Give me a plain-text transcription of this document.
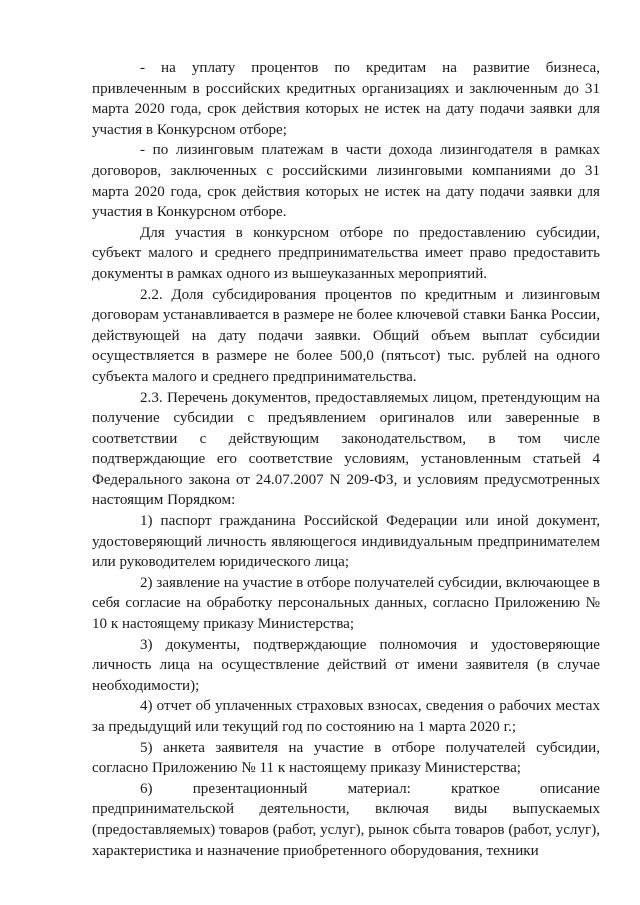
- на уплату процентов по кредитам на развитие бизнеса, привлеченным в российских кредитных организациях и заключенным до 31 марта 2020 года, срок действия которых не истек на дату подачи заявки для участия в Конкурсном отборе;

- по лизинговым платежам в части дохода лизингодателя в рамках договоров, заключенных с российскими лизинговыми компаниями до 31 марта 2020 года, срок действия которых не истек на дату подачи заявки для участия в Конкурсном отборе.

Для участия в конкурсном отборе по предоставлению субсидии, субъект малого и среднего предпринимательства имеет право предоставить документы в рамках одного из вышеуказанных мероприятий.

2.2. Доля субсидирования процентов по кредитным и лизинговым договорам устанавливается в размере не более ключевой ставки Банка России, действующей на дату подачи заявки. Общий объем выплат субсидии осуществляется в размере не более 500,0 (пятьсот) тыс. рублей на одного субъекта малого и среднего предпринимательства.

2.3. Перечень документов, предоставляемых лицом, претендующим на получение субсидии с предъявлением оригиналов или заверенные в соответствии с действующим законодательством, в том числе подтверждающие его соответствие условиям, установленным статьей 4 Федерального закона от 24.07.2007 N 209-ФЗ, и условиям предусмотренных настоящим Порядком:

1) паспорт гражданина Российской Федерации или иной документ, удостоверяющий личность являющегося индивидуальным предпринимателем или руководителем юридического лица;

2) заявление на участие в отборе получателей субсидии, включающее в себя согласие на обработку персональных данных, согласно Приложению № 10 к настоящему приказу Министерства;

3) документы, подтверждающие полномочия и удостоверяющие личность лица на осуществление действий от имени заявителя (в случае необходимости);

4) отчет об уплаченных страховых взносах, сведения о рабочих местах за предыдущий или текущий год по состоянию на 1 марта 2020 г.;

5) анкета заявителя на участие в отборе получателей субсидии, согласно Приложению № 11 к настоящему приказу Министерства;

6) презентационный материал: краткое описание предпринимательской деятельности, включая виды выпускаемых (предоставляемых) товаров (работ, услуг), рынок сбыта товаров (работ, услуг), характеристика и назначение приобретенного оборудования, техники
